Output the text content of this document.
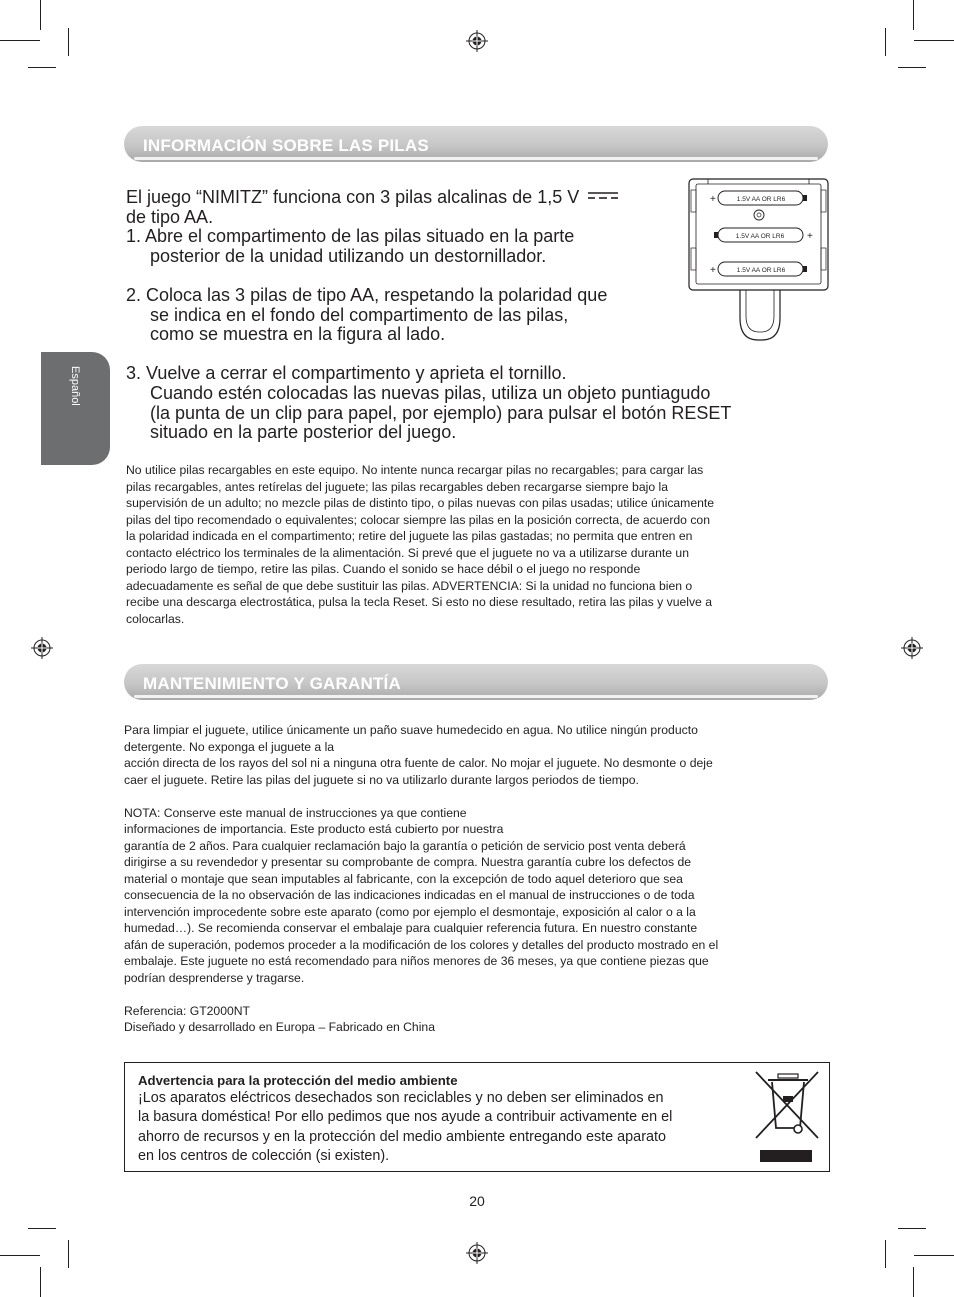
Español
INFORMACIÓN SOBRE LAS PILAS

El juego “NIMITZ” funciona con 3 pilas alcalinas de 1,5 V

de tipo AA.

1. Abre el compartimento de las pilas situado en la parte

posterior de la unidad utilizando un destornillador.

2. Coloca las 3 pilas de tipo AA, respetando la polaridad que

se indica en el fondo del compartimento de las pilas,

como se muestra en la figura al lado.

3. Vuelve a cerrar el compartimento y aprieta el tornillo.

Cuando estén colocadas las nuevas pilas, utiliza un objeto puntiagudo

(la punta de un clip para papel, por ejemplo) para pulsar el botón RESET

situado en la parte posterior del juego.

1.5V AA OR LR6
+
1.5V AA OR LR6 +
1.5V AA OR LR6
+

No utilice pilas recargables en este equipo. No intente nunca recargar pilas no recargables; para cargar las

pilas recargables, antes retírelas del juguete; las pilas recargables deben recargarse siempre bajo la

supervisión de un adulto; no mezcle pilas de distinto tipo, o pilas nuevas con pilas usadas; utilice únicamente

pilas del tipo recomendado o equivalentes; colocar siempre las pilas en la posición correcta, de acuerdo con

la polaridad indicada en el compartimento; retire del juguete las pilas gastadas; no permita que entren en

contacto eléctrico los terminales de la alimentación. Si prevé que el juguete no va a utilizarse durante un

periodo largo de tiempo, retire las pilas. Cuando el sonido se hace débil o el juego no responde

adecuadamente es señal de que debe sustituir las pilas. ADVERTENCIA: Si la unidad no funciona bien o

recibe una descarga electrostática, pulsa la tecla Reset. Si esto no diese resultado, retira las pilas y vuelve a

colocarlas.

MANTENIMIENTO Y GARANTÍA

Para limpiar el juguete, utilice únicamente un paño suave humedecido en agua. No utilice ningún producto

detergente. No exponga el juguete a la

acción directa de los rayos del sol ni a ninguna otra fuente de calor. No mojar el juguete. No desmonte o deje

caer el juguete. Retire las pilas del juguete si no va utilizarlo durante largos periodos de tiempo.

NOTA: Conserve este manual de instrucciones ya que contiene

informaciones de importancia. Este producto está cubierto por nuestra

garantía de 2 años. Para cualquier reclamación bajo la garantía o petición de servicio post venta deberá

dirigirse a su revendedor y presentar su comprobante de compra. Nuestra garantía cubre los defectos de

material o montaje que sean imputables al fabricante, con la excepción de todo aquel deterioro que sea

consecuencia de la no observación de las indicaciones indicadas en el manual de instrucciones o de toda

intervención improcedente sobre este aparato (como por ejemplo el desmontaje, exposición al calor o a la

humedad…). Se recomienda conservar el embalaje para cualquier referencia futura. En nuestro constante

afán de superación, podemos proceder a la modificación de los colores y detalles del producto mostrado en el

embalaje. Este juguete no está recomendado para niños menores de 36 meses, ya que contiene piezas que

podrían desprenderse y tragarse.

Referencia: GT2000NT

Diseñado y desarrollado en Europa – Fabricado en China

Advertencia para la protección del medio ambiente

¡Los aparatos eléctricos desechados son reciclables y no deben ser eliminados en

la basura doméstica! Por ello pedimos que nos ayude a contribuir activamente en el

ahorro de recursos y en la protección del medio ambiente entregando este aparato

en los centros de colección (si existen).

20
